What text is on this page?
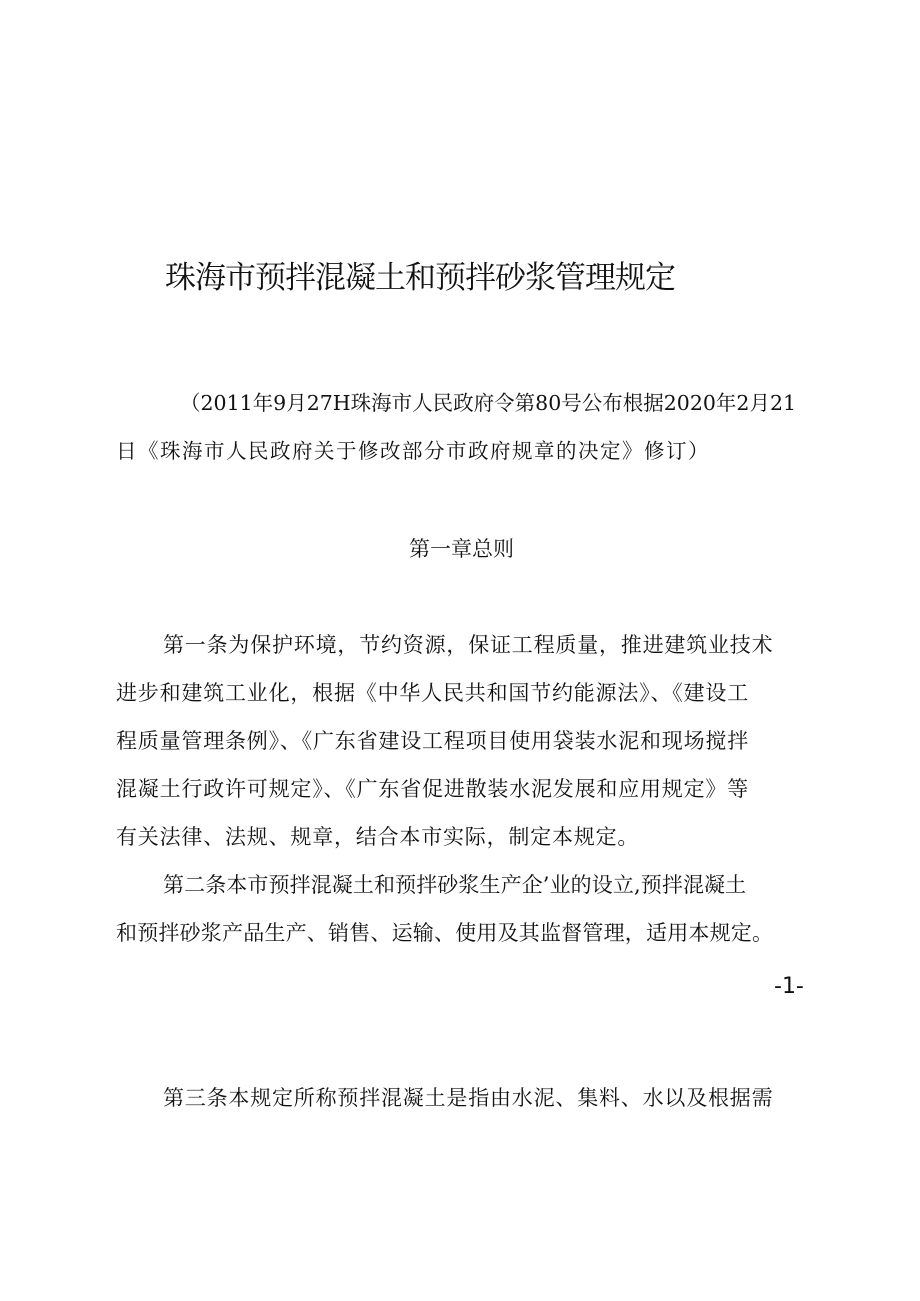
珠海市预拌混凝土和预拌砂浆管理规定
（2011年9月27H珠海市人民政府令第80号公布根据2020年2月21
日《珠海市人民政府关于修改部分市政府规章的决定》修订）
第一章总则
第一条为保护环境，节约资源，保证工程质量，推进建筑业技术
进步和建筑工业化，根据《中华人民共和国节约能源法》、《建设工
程质量管理条例》、《广东省建设工程项目使用袋装水泥和现场搅拌
混凝土行政许可规定》、《广东省促进散装水泥发展和应用规定》等
有关法律、法规、规章，结合本市实际，制定本规定。
第二条本市预拌混凝土和预拌砂浆生产企’业的设立,预拌混凝土
和预拌砂浆产品生产、销售、运输、使用及其监督管理，适用本规定。
-1-
第三条本规定所称预拌混凝土是指由水泥、集料、水以及根据需
